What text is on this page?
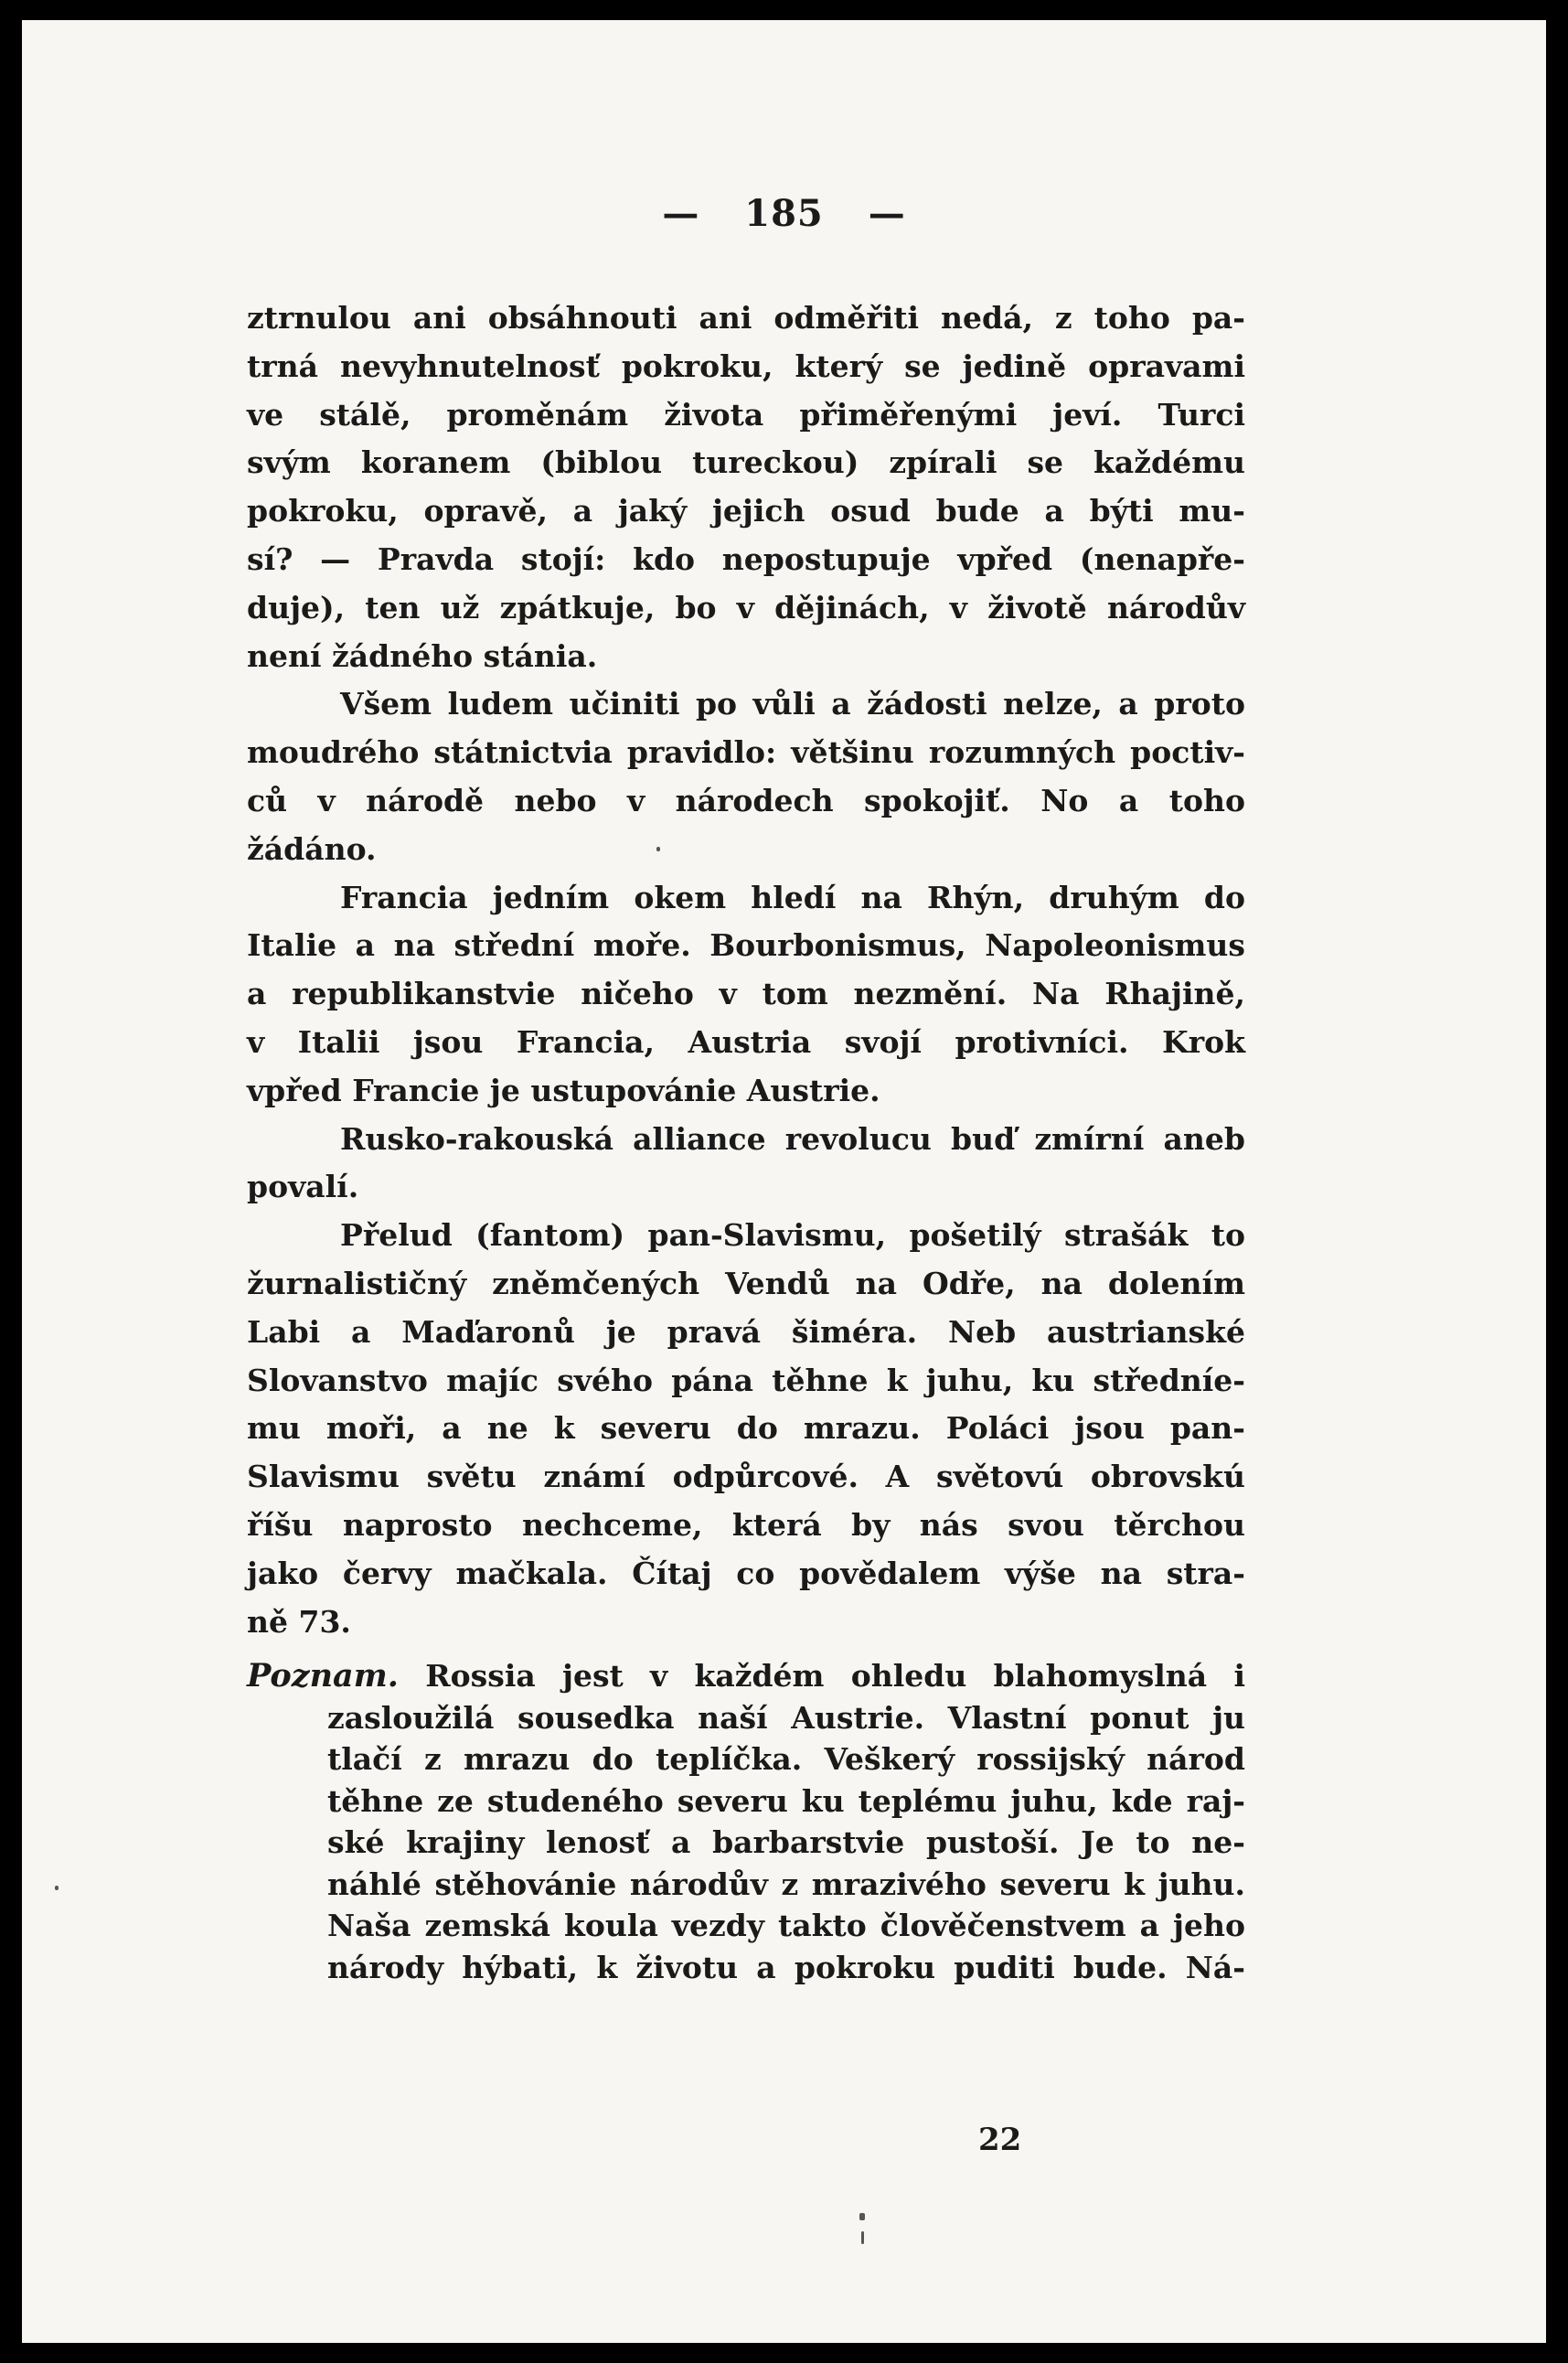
— 185 —

ztrnulou ani obsáhnouti ani odměřiti nedá, z toho pa-
trná nevyhnutelnosť pokroku, který se jedině opravami
ve stálě, proměnám života přiměřenými jeví. Turci
svým koranem (biblou tureckou) zpírali se každému
pokroku, opravě, a jaký jejich osud bude a býti mu-
sí? — Pravda stojí: kdo nepostupuje vpřed (nenapře-
duje), ten už zpátkuje, bo v dějinách, v životě národův
není žádného stánia.

Všem ludem učiniti po vůli a žádosti nelze, a proto
moudrého státnictvia pravidlo: většinu rozumných poctiv-
ců v národě nebo v národech spokojiť. No a toho
žádáno.

Francia jedním okem hledí na Rhýn, druhým do
Italie a na střední moře. Bourbonismus, Napoleonismus
a republikanstvie ničeho v tom nezmění. Na Rhajině,
v Italii jsou Francia, Austria svojí protivníci. Krok
vpřed Francie je ustupovánie Austrie.

Rusko-rakouská alliance revolucu buď zmírní aneb
povalí.

Přelud (fantom) pan-Slavismu, pošetilý strašák to
žurnalističný zněmčených Vendů na Odře, na dolením
Labi a Maďaronů je pravá šiméra. Neb austrianské
Slovanstvo majíc svého pána těhne k juhu, ku středníe-
mu moři, a ne k severu do mrazu. Poláci jsou pan-
Slavismu světu známí odpůrcové. A světovú obrovskú
říšu naprosto nechceme, která by nás svou těrchou
jako červy mačkala. Čítaj co povědalem výše na stra-
ně 73.

Poznam. Rossia jest v každém ohledu blahomyslná i
zasloužilá sousedka naší Austrie. Vlastní ponut ju
tlačí z mrazu do teplíčka. Veškerý rossijský národ
těhne ze studeného severu ku teplému juhu, kde raj-
ské krajiny lenosť a barbarstvie pustoší. Je to ne-
náhlé stěhovánie národův z mrazivého severu k juhu.
Naša zemská koula vezdy takto člověčenstvem a jeho
národy hýbati, k životu a pokroku puditi bude. Ná-
22
